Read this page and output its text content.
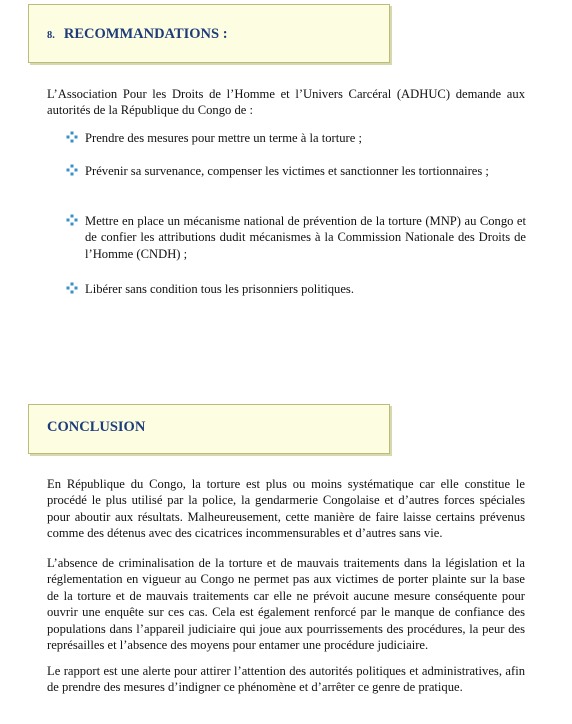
8. RECOMMANDATIONS :

L’Association Pour les Droits de l’Homme et l’Univers Carcéral (ADHUC) demande aux autorités de la République du Congo de :

Prendre des mesures pour mettre un terme à la torture ;
Prévenir sa survenance, compenser les victimes et sanctionner les tortionnaires ;
Mettre en place un mécanisme national de prévention de la torture (MNP) au Congo et de confier les attributions dudit mécanismes à la Commission Nationale des Droits de l’Homme (CNDH) ;
Libérer sans condition tous les prisonniers politiques.
CONCLUSION

En République du Congo, la torture est plus ou moins systématique car elle constitue le procédé le plus utilisé par la police, la gendarmerie Congolaise et d’autres forces spéciales pour aboutir aux résultats. Malheureusement, cette manière de faire laisse certains prévenus comme des détenus avec des cicatrices incommensurables et d’autres sans vie.

L’absence de criminalisation de la torture et de mauvais traitements dans la législation et la réglementation en vigueur au Congo ne permet pas aux victimes de porter plainte sur la base de la torture et de mauvais traitements car elle ne prévoit aucune mesure conséquente pour ouvrir une enquête sur ces cas. Cela est également renforcé par le manque de confiance des populations dans l’appareil judiciaire qui joue aux pourrissements des procédures, la peur des représailles et l’absence des moyens pour entamer une procédure judiciaire.

Le rapport est une alerte pour attirer l’attention des autorités politiques et administratives, afin de prendre des mesures d’indigner ce phénomène et d’arrêter ce genre de pratique.
